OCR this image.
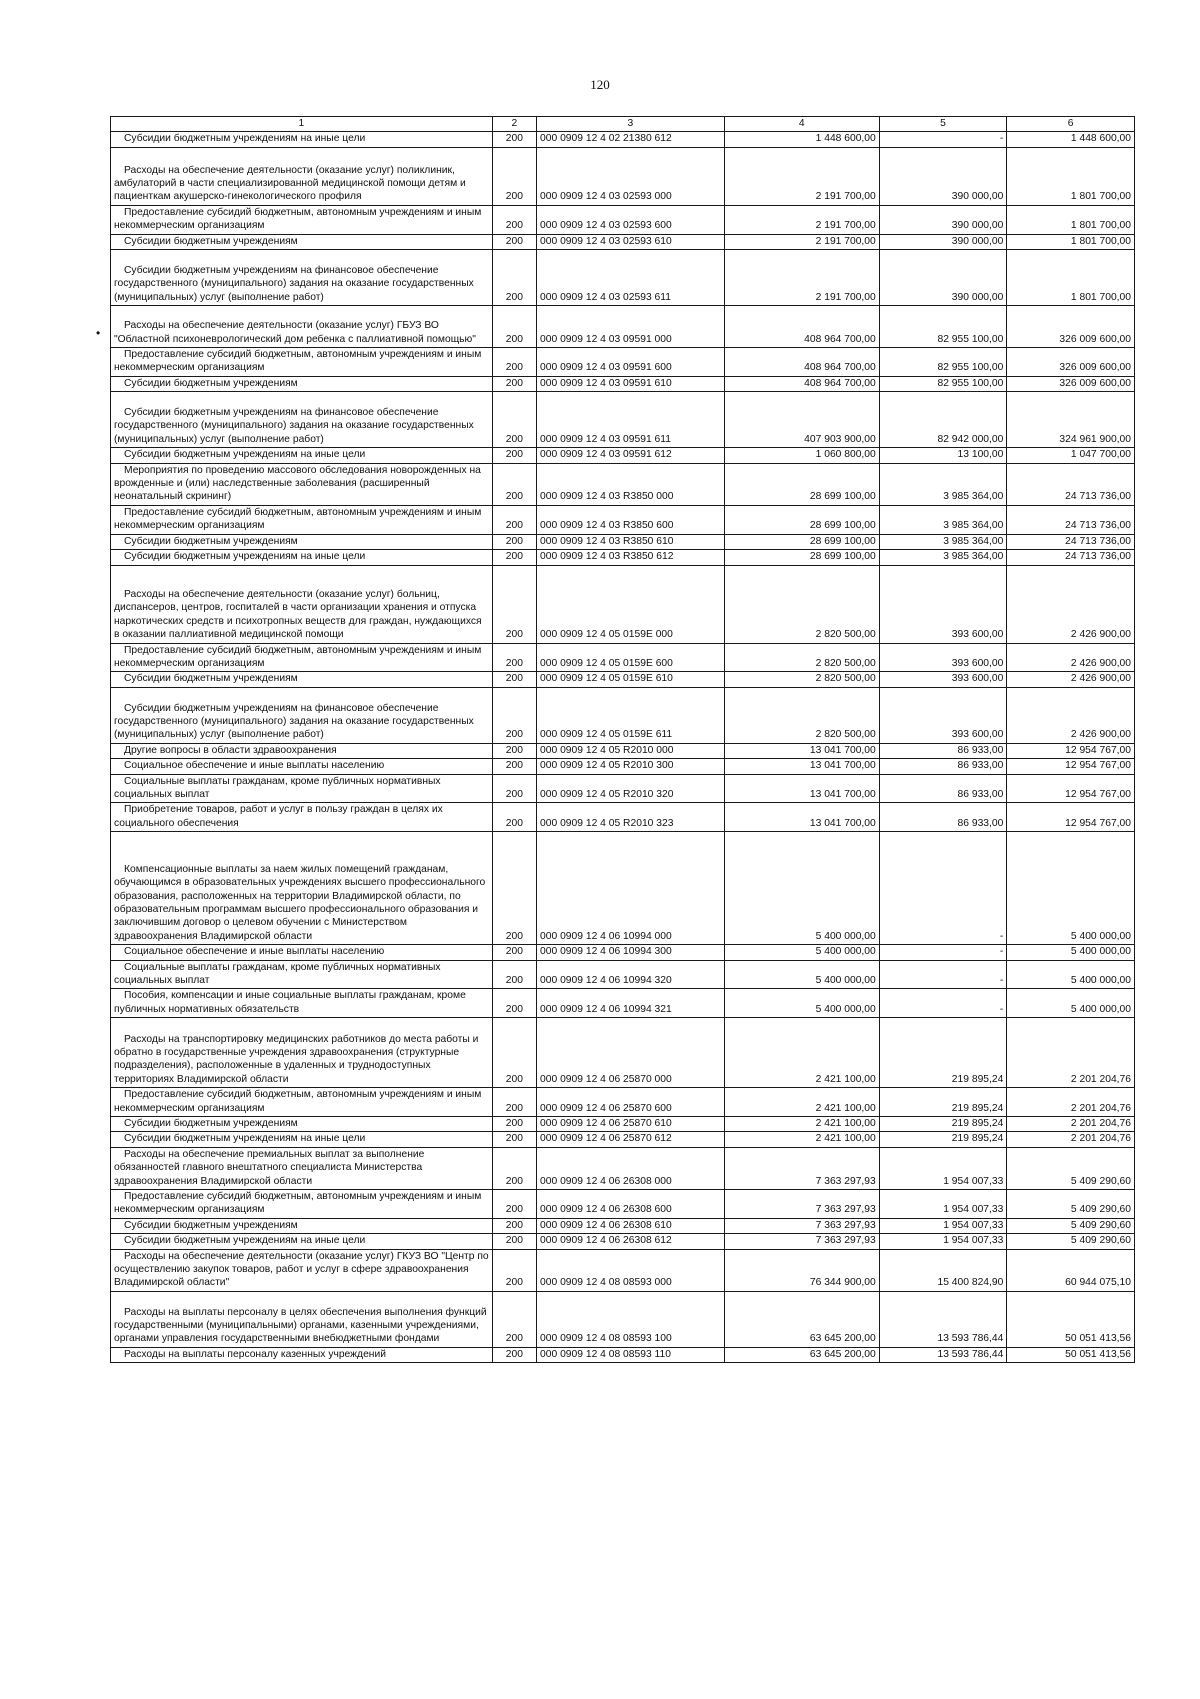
120
•
1	2	3	4	5	6
Субсидии бюджетным учреждениям на иные цели	200	000 0909 12 4 02 21380 612	1 448 600,00	-	1 448 600,00
Расходы на обеспечение деятельности (оказание услуг) поликлиник, амбулаторий в части специализированной медицинской помощи детям и пациенткам акушерско-гинекологического профиля	200	000 0909 12 4 03 02593 000	2 191 700,00	390 000,00	1 801 700,00
Предоставление субсидий бюджетным, автономным учреждениям и иным некоммерческим организациям	200	000 0909 12 4 03 02593 600	2 191 700,00	390 000,00	1 801 700,00
Субсидии бюджетным учреждениям	200	000 0909 12 4 03 02593 610	2 191 700,00	390 000,00	1 801 700,00
Субсидии бюджетным учреждениям на финансовое обеспечение государственного (муниципального) задания на оказание государственных (муниципальных) услуг (выполнение работ)	200	000 0909 12 4 03 02593 611	2 191 700,00	390 000,00	1 801 700,00
Расходы на обеспечение деятельности (оказание услуг) ГБУЗ ВО "Областной психоневрологический дом ребенка с паллиативной помощью"	200	000 0909 12 4 03 09591 000	408 964 700,00	82 955 100,00	326 009 600,00
Предоставление субсидий бюджетным, автономным учреждениям и иным некоммерческим организациям	200	000 0909 12 4 03 09591 600	408 964 700,00	82 955 100,00	326 009 600,00
Субсидии бюджетным учреждениям	200	000 0909 12 4 03 09591 610	408 964 700,00	82 955 100,00	326 009 600,00
Субсидии бюджетным учреждениям на финансовое обеспечение государственного (муниципального) задания на оказание государственных (муниципальных) услуг (выполнение работ)	200	000 0909 12 4 03 09591 611	407 903 900,00	82 942 000,00	324 961 900,00
Субсидии бюджетным учреждениям на иные цели	200	000 0909 12 4 03 09591 612	1 060 800,00	13 100,00	1 047 700,00
Мероприятия по проведению массового обследования новорожденных на врожденные и (или) наследственные заболевания (расширенный неонатальный скрининг)	200	000 0909 12 4 03 R3850 000	28 699 100,00	3 985 364,00	24 713 736,00
Предоставление субсидий бюджетным, автономным учреждениям и иным некоммерческим организациям	200	000 0909 12 4 03 R3850 600	28 699 100,00	3 985 364,00	24 713 736,00
Субсидии бюджетным учреждениям	200	000 0909 12 4 03 R3850 610	28 699 100,00	3 985 364,00	24 713 736,00
Субсидии бюджетным учреждениям на иные цели	200	000 0909 12 4 03 R3850 612	28 699 100,00	3 985 364,00	24 713 736,00
Расходы на обеспечение деятельности (оказание услуг) больниц, диспансеров, центров, госпиталей в части организации хранения и отпуска наркотических средств и психотропных веществ для граждан, нуждающихся в оказании паллиативной медицинской помощи	200	000 0909 12 4 05 0159E 000	2 820 500,00	393 600,00	2 426 900,00
Предоставление субсидий бюджетным, автономным учреждениям и иным некоммерческим организациям	200	000 0909 12 4 05 0159E 600	2 820 500,00	393 600,00	2 426 900,00
Субсидии бюджетным учреждениям	200	000 0909 12 4 05 0159E 610	2 820 500,00	393 600,00	2 426 900,00
Субсидии бюджетным учреждениям на финансовое обеспечение государственного (муниципального) задания на оказание государственных (муниципальных) услуг (выполнение работ)	200	000 0909 12 4 05 0159E 611	2 820 500,00	393 600,00	2 426 900,00
Другие вопросы в области здравоохранения	200	000 0909 12 4 05 R2010 000	13 041 700,00	86 933,00	12 954 767,00
Социальное обеспечение и иные выплаты населению	200	000 0909 12 4 05 R2010 300	13 041 700,00	86 933,00	12 954 767,00
Социальные выплаты гражданам, кроме публичных нормативных социальных выплат	200	000 0909 12 4 05 R2010 320	13 041 700,00	86 933,00	12 954 767,00
Приобретение товаров, работ и услуг в пользу граждан в целях их социального обеспечения	200	000 0909 12 4 05 R2010 323	13 041 700,00	86 933,00	12 954 767,00
Компенсационные выплаты за наем жилых помещений гражданам, обучающимся в образовательных учреждениях высшего профессионального образования, расположенных на территории Владимирской области, по образовательным программам высшего профессионального образования и заключившим договор о целевом обучении с Министерством здравоохранения Владимирской области	200	000 0909 12 4 06 10994 000	5 400 000,00	-	5 400 000,00
Социальное обеспечение и иные выплаты населению	200	000 0909 12 4 06 10994 300	5 400 000,00	-	5 400 000,00
Социальные выплаты гражданам, кроме публичных нормативных социальных выплат	200	000 0909 12 4 06 10994 320	5 400 000,00	-	5 400 000,00
Пособия, компенсации и иные социальные выплаты гражданам, кроме публичных нормативных обязательств	200	000 0909 12 4 06 10994 321	5 400 000,00	-	5 400 000,00
Расходы на транспортировку медицинских работников до места работы и обратно в государственные учреждения здравоохранения (структурные подразделения), расположенные в удаленных и труднодоступных территориях Владимирской области	200	000 0909 12 4 06 25870 000	2 421 100,00	219 895,24	2 201 204,76
Предоставление субсидий бюджетным, автономным учреждениям и иным некоммерческим организациям	200	000 0909 12 4 06 25870 600	2 421 100,00	219 895,24	2 201 204,76
Субсидии бюджетным учреждениям	200	000 0909 12 4 06 25870 610	2 421 100,00	219 895,24	2 201 204,76
Субсидии бюджетным учреждениям на иные цели	200	000 0909 12 4 06 25870 612	2 421 100,00	219 895,24	2 201 204,76
Расходы на обеспечение премиальных выплат за выполнение обязанностей главного внештатного специалиста Министерства здравоохранения Владимирской области	200	000 0909 12 4 06 26308 000	7 363 297,93	1 954 007,33	5 409 290,60
Предоставление субсидий бюджетным, автономным учреждениям и иным некоммерческим организациям	200	000 0909 12 4 06 26308 600	7 363 297,93	1 954 007,33	5 409 290,60
Субсидии бюджетным учреждениям	200	000 0909 12 4 06 26308 610	7 363 297,93	1 954 007,33	5 409 290,60
Субсидии бюджетным учреждениям на иные цели	200	000 0909 12 4 06 26308 612	7 363 297,93	1 954 007,33	5 409 290,60
Расходы на обеспечение деятельности (оказание услуг) ГКУЗ ВО "Центр по осуществлению закупок товаров, работ и услуг в сфере здравоохранения Владимирской области"	200	000 0909 12 4 08 08593 000	76 344 900,00	15 400 824,90	60 944 075,10
Расходы на выплаты персоналу в целях обеспечения выполнения функций государственными (муниципальными) органами, казенными учреждениями, органами управления государственными внебюджетными фондами	200	000 0909 12 4 08 08593 100	63 645 200,00	13 593 786,44	50 051 413,56
Расходы на выплаты персоналу казенных учреждений	200	000 0909 12 4 08 08593 110	63 645 200,00	13 593 786,44	50 051 413,56
